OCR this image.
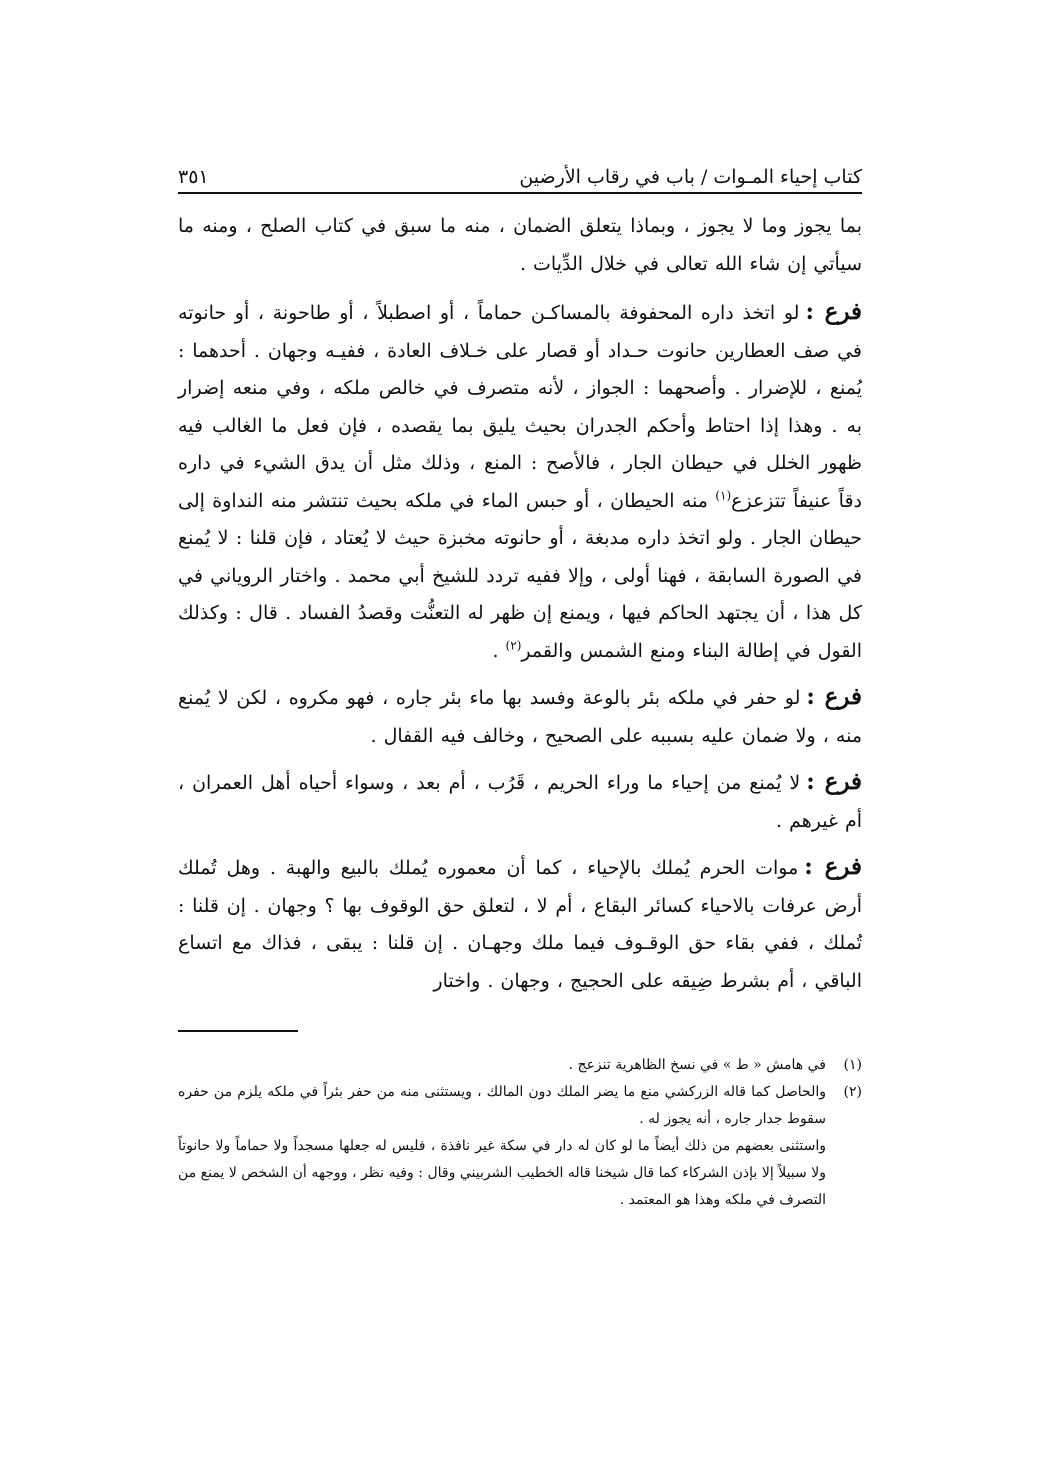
كتاب إحياء المـوات / باب في رقاب الأرضين
٣٥١

بما يجوز وما لا يجوز ، وبماذا يتعلق الضمان ، منه ما سبق في كتاب الصلح ، ومنه ما سيأتي إن شاء الله تعالى في خلال الدِّيات .

فرع :لو اتخذ داره المحفوفة بالمساكـن حماماً ، أو اصطبلاً ، أو طاحونة ، أو حانوته في صف العطارين حانوت حـداد أو قصار على خـلاف العادة ، ففيـه وجهان . أحدهما : يُمنع ، للإضرار . وأصحهما : الجواز ، لأنه متصرف في خالص ملكه ، وفي منعه إضرار به . وهذا إذا احتاط وأحكم الجدران بحيث يليق بما يقصده ، فإن فعل ما الغالب فيه ظهور الخلل في حيطان الجار ، فالأصح : المنع ، وذلك مثل أن يدق الشيء في داره دقاً عنيفاً تتزعزع$^{(١)}$ منه الحيطان ، أو حبس الماء في ملكه بحيث تنتشر منه النداوة إلى حيطان الجار . ولو اتخذ داره مدبغة ، أو حانوته مخبزة حيث لا يُعتاد ، فإن قلنا : لا يُمنع في الصورة السابقة ، فهنا أولى ، وإلا ففيه تردد للشيخ أبي محمد . واختار الروياني في كل هذا ، أن يجتهد الحاكم فيها ، ويمنع إن ظهر له التعنُّت وقصدُ الفساد . قال : وكذلك القول في إطالة البناء ومنع الشمس والقمر$^{(٢)}$ .

فرع :لو حفر في ملكه بئر بالوعة وفسد بها ماء بئر جاره ، فهو مكروه ، لكن لا يُمنع منه ، ولا ضمان عليه بسببه على الصحيح ، وخالف فيه القفال .

فرع :لا يُمنع من إحياء ما وراء الحريم ، قَرُب ، أم بعد ، وسواء أحياه أهل العمران ، أم غيرهم .

فرع :موات الحرم يُملك بالإحياء ، كما أن معموره يُملك بالبيع والهبة . وهل تُملك أرض عرفات بالاحياء كسائر البقاع ، أم لا ، لتعلق حق الوقوف بها ؟ وجهان . إن قلنا : تُملك ، ففي بقاء حق الوقـوف فيما ملك وجهـان . إن قلنا : يبقى ، فذاك مع اتساع الباقي ، أم بشرط ضِيقه على الحجيج ، وجهان . واختار

(١)
في هامش « ط » في نسخ الظاهرية تنزعج .
(٢)
والحاصل كما قاله الزركشي منع ما يضر الملك دون المالك ، ويستثنى منه من حفر بئراً في ملكه يلزم من حفره سقوط جدار جاره ، أنه يجوز له .
واستثنى بعضهم من ذلك أيضاً ما لو كان له دار في سكة غير نافذة ، فليس له جعلها مسجداً ولا حماماً ولا حانوتاً ولا سبيلاً إلا بإذن الشركاء كما قال شيخنا قاله الخطيب الشربيني وقال : وفيه نظر ، ووجهه أن الشخص لا يمنع من التصرف في ملكه وهذا هو المعتمد .
